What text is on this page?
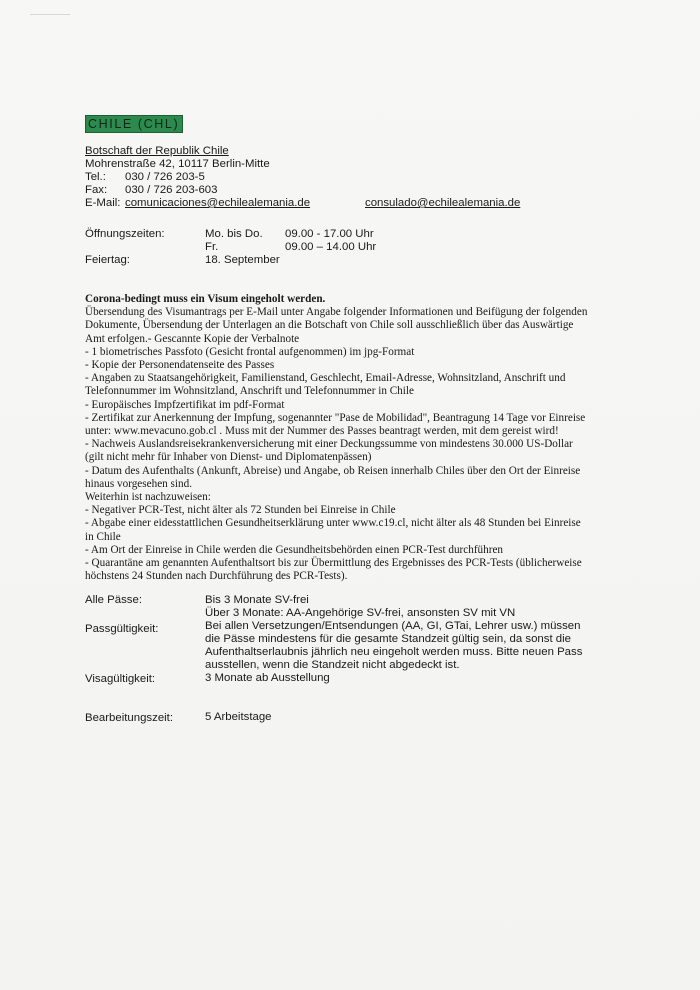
CHILE (CHL)
Botschaft der Republik Chile
Mohrenstraße 42, 10117 Berlin-Mitte
Tel.: 030 / 726 203-5
Fax: 030 / 726 203-603
E-Mail: comunicaciones@echilealemania.de	consulado@echilealemania.de
Öffnungszeiten:	Mo. bis Do. 09.00 - 17.00 Uhr
Fr.	09.00 – 14.00 Uhr
Feiertag:	18. September
Corona-bedingt muss ein Visum eingeholt werden.
Übersendung des Visumantrags per E-Mail unter Angabe folgender Informationen und Beifügung der folgenden
Dokumente, Übersendung der Unterlagen an die Botschaft von Chile soll ausschließlich über das Auswärtige
Amt erfolgen.- Gescannte Kopie der Verbalnote
- 1 biometrisches Passfoto (Gesicht frontal aufgenommen) im jpg-Format
- Kopie der Personendatenseite des Passes
- Angaben zu Staatsangehörigkeit, Familienstand, Geschlecht, Email-Adresse, Wohnsitzland, Anschrift und
Telefonnummer im Wohnsitzland, Anschrift und Telefonnummer in Chile
- Europäisches Impfzertifikat im pdf-Format
- Zertifikat zur Anerkennung der Impfung, sogenannter "Pase de Mobilidad", Beantragung 14 Tage vor Einreise
unter: www.mevacuno.gob.cl . Muss mit der Nummer des Passes beantragt werden, mit dem gereist wird!
- Nachweis Auslandsreisekrankenversicherung mit einer Deckungssumme von mindestens 30.000 US-Dollar
(gilt nicht mehr für Inhaber von Dienst- und Diplomatenpässen)
- Datum des Aufenthalts (Ankunft, Abreise) und Angabe, ob Reisen innerhalb Chiles über den Ort der Einreise
hinaus vorgesehen sind.
Weiterhin ist nachzuweisen:
- Negativer PCR-Test, nicht älter als 72 Stunden bei Einreise in Chile
- Abgabe einer eidesstattlichen Gesundheitserklärung unter www.c19.cl, nicht älter als 48 Stunden bei Einreise
in Chile
- Am Ort der Einreise in Chile werden die Gesundheitsbehörden einen PCR-Test durchführen
- Quarantäne am genannten Aufenthaltsort bis zur Übermittlung des Ergebnisses des PCR-Tests (üblicherweise
höchstens 24 Stunden nach Durchführung des PCR-Tests).
Alle Pässe:	Bis 3 Monate SV-frei
Über 3 Monate: AA-Angehörige SV-frei, ansonsten SV mit VN
Passgültigkeit:	Bei allen Versetzungen/Entsendungen (AA, GI, GTai, Lehrer usw.) müssen
die Pässe mindestens für die gesamte Standzeit gültig sein, da sonst die
Aufenthaltserlaubnis jährlich neu eingeholt werden muss. Bitte neuen Pass
ausstellen, wenn die Standzeit nicht abgedeckt ist.
Visagültigkeit:	3 Monate ab Ausstellung
Bearbeitungszeit:	5 Arbeitstage
